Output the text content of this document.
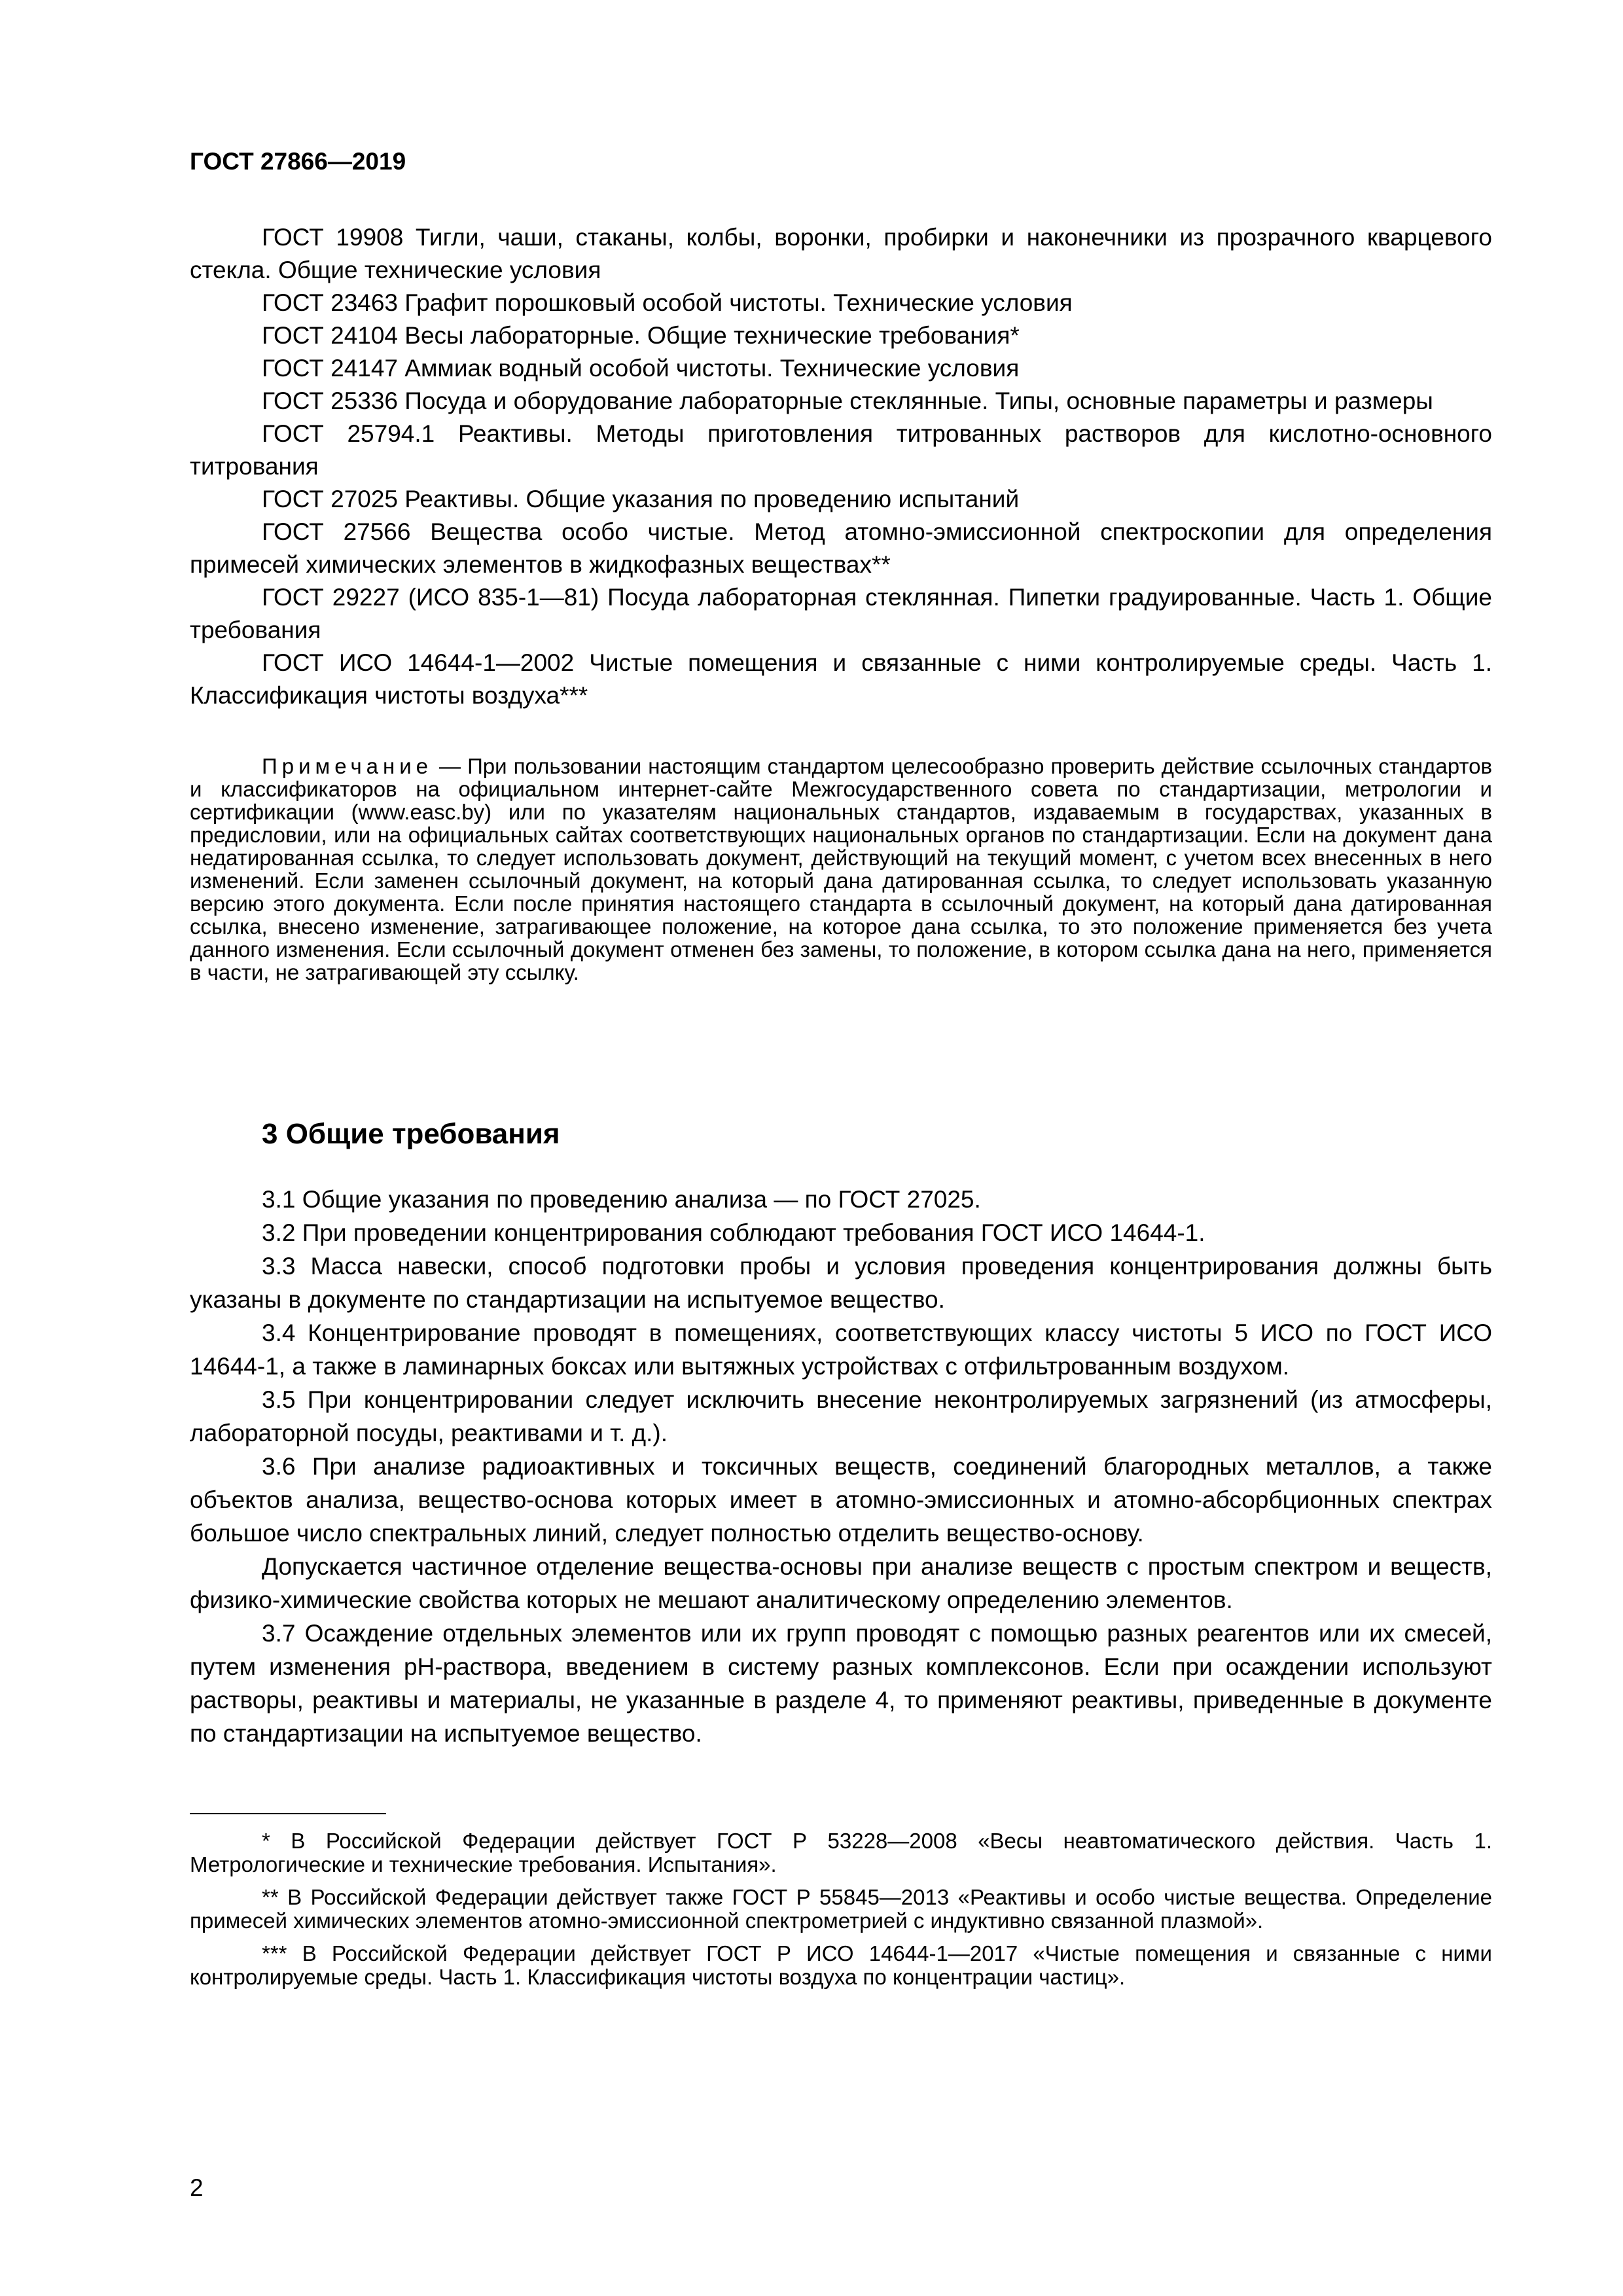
ГОСТ 27866—2019

ГОСТ 19908 Тигли, чаши, стаканы, колбы, воронки, пробирки и наконечники из прозрачного кварцевого стекла. Общие технические условия

ГОСТ 23463 Графит порошковый особой чистоты. Технические условия

ГОСТ 24104 Весы лабораторные. Общие технические требования*

ГОСТ 24147 Аммиак водный особой чистоты. Технические условия

ГОСТ 25336 Посуда и оборудование лабораторные стеклянные. Типы, основные параметры и размеры

ГОСТ 25794.1 Реактивы. Методы приготовления титрованных растворов для кислотно-основного титрования

ГОСТ 27025 Реактивы. Общие указания по проведению испытаний

ГОСТ 27566 Вещества особо чистые. Метод атомно-эмиссионной спектроскопии для определения примесей химических элементов в жидкофазных веществах**

ГОСТ 29227 (ИСО 835-1—81) Посуда лабораторная стеклянная. Пипетки градуированные. Часть 1. Общие требования

ГОСТ ИСО 14644-1—2002 Чистые помещения и связанные с ними контролируемые среды. Часть 1. Классификация чистоты воздуха***

Примечание — При пользовании настоящим стандартом целесообразно проверить действие ссылочных стандартов и классификаторов на официальном интернет-сайте Межгосударственного совета по стандартизации, метрологии и сертификации (www.easc.by) или по указателям национальных стандартов, издаваемым в государствах, указанных в предисловии, или на официальных сайтах соответствующих национальных органов по стандартизации. Если на документ дана недатированная ссылка, то следует использовать документ, действующий на текущий момент, с учетом всех внесенных в него изменений. Если заменен ссылочный документ, на который дана датированная ссылка, то следует использовать указанную версию этого документа. Если после принятия настоящего стандарта в ссылочный документ, на который дана датированная ссылка, внесено изменение, затрагивающее положение, на которое дана ссылка, то это положение применяется без учета данного изменения. Если ссылочный документ отменен без замены, то положение, в котором ссылка дана на него, применяется в части, не затрагивающей эту ссылку.

3 Общие требования

3.1 Общие указания по проведению анализа — по ГОСТ 27025.

3.2 При проведении концентрирования соблюдают требования ГОСТ ИСО 14644-1.

3.3 Масса навески, способ подготовки пробы и условия проведения концентрирования должны быть указаны в документе по стандартизации на испытуемое вещество.

3.4 Концентрирование проводят в помещениях, соответствующих классу чистоты 5 ИСО по ГОСТ ИСО 14644-1, а также в ламинарных боксах или вытяжных устройствах с отфильтрованным воздухом.

3.5 При концентрировании следует исключить внесение неконтролируемых загрязнений (из атмосферы, лабораторной посуды, реактивами и т. д.).

3.6 При анализе радиоактивных и токсичных веществ, соединений благородных металлов, а также объектов анализа, вещество-основа которых имеет в атомно-эмиссионных и атомно-абсорбционных спектрах большое число спектральных линий, следует полностью отделить вещество-основу.

Допускается частичное отделение вещества-основы при анализе веществ с простым спектром и веществ, физико-химические свойства которых не мешают аналитическому определению элементов.

3.7 Осаждение отдельных элементов или их групп проводят с помощью разных реагентов или их смесей, путем изменения pH-раствора, введением в систему разных комплексонов. Если при осаждении используют растворы, реактивы и материалы, не указанные в разделе 4, то применяют реактивы, приведенные в документе по стандартизации на испытуемое вещество.

* В Российской Федерации действует ГОСТ Р 53228—2008 «Весы неавтоматического действия. Часть 1. Метрологические и технические требования. Испытания».

** В Российской Федерации действует также ГОСТ Р 55845—2013 «Реактивы и особо чистые вещества. Определение примесей химических элементов атомно-эмиссионной спектрометрией с индуктивно связанной плазмой».

*** В Российской Федерации действует ГОСТ Р ИСО 14644-1—2017 «Чистые помещения и связанные с ними контролируемые среды. Часть 1. Классификация чистоты воздуха по концентрации частиц».

2
